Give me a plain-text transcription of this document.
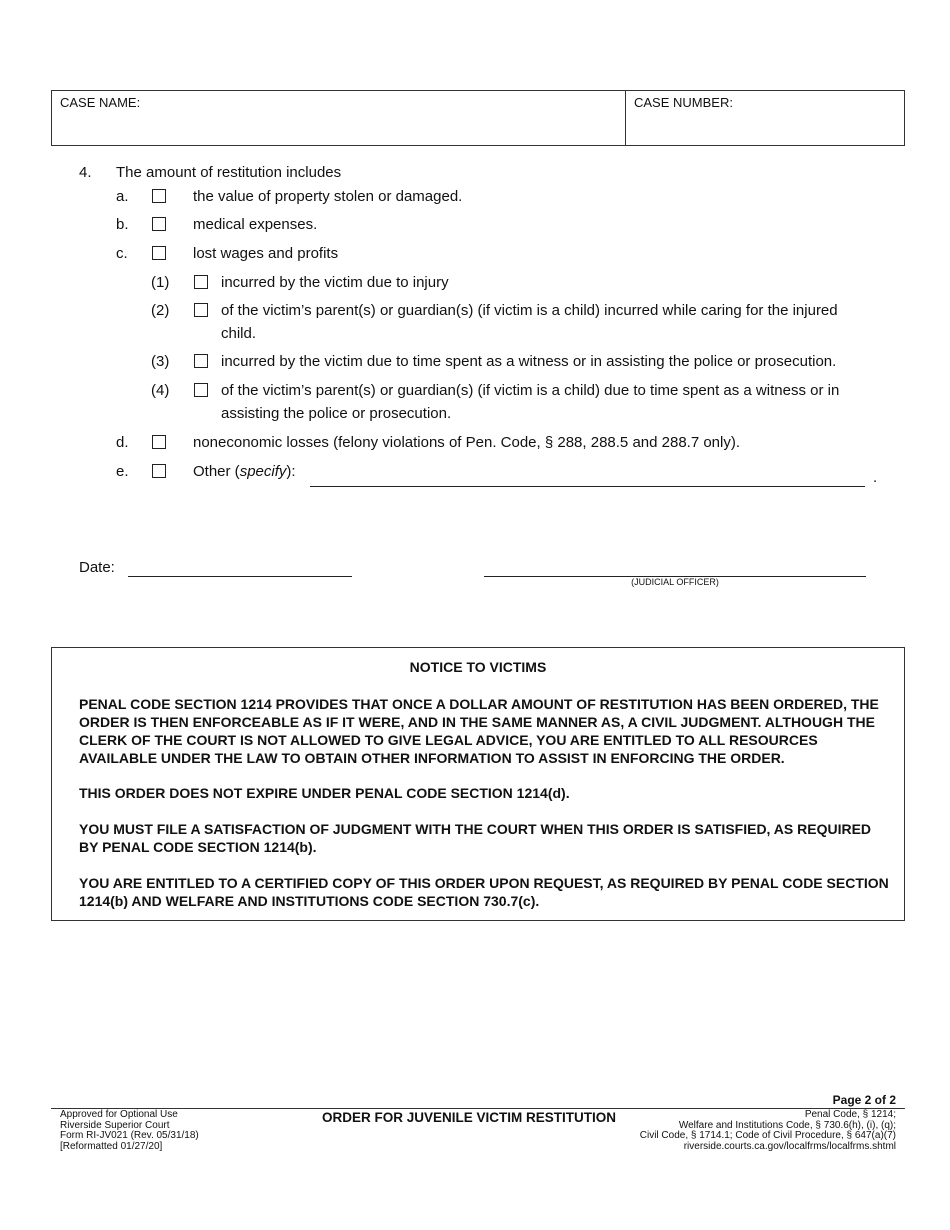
CASE NAME:	CASE NUMBER:
4. The amount of restitution includes
a.	the value of property stolen or damaged.
b.	medical expenses.
c.	lost wages and profits
(1)	incurred by the victim due to injury
(2)	of the victim’s parent(s) or guardian(s) (if victim is a child) incurred while caring for the injured
child.
(3)	incurred by the victim due to time spent as a witness or in assisting the police or prosecution.
(4)	of the victim’s parent(s) or guardian(s) (if victim is a child) due to time spent as a witness or in
assisting the police or prosecution.
d.	noneconomic losses (felony violations of Pen. Code, § 288, 288.5 and 288.7 only).
e.	Other (specify):	.
Date:
(JUDICIAL OFFICER)
NOTICE TO VICTIMS
PENAL CODE SECTION 1214 PROVIDES THAT ONCE A DOLLAR AMOUNT OF RESTITUTION HAS BEEN ORDERED, THE ORDER IS THEN ENFORCEABLE AS IF IT WERE, AND IN THE SAME MANNER AS, A CIVIL JUDGMENT. ALTHOUGH THE CLERK OF THE COURT IS NOT ALLOWED TO GIVE LEGAL ADVICE, YOU ARE ENTITLED TO ALL RESOURCES AVAILABLE UNDER THE LAW TO OBTAIN OTHER INFORMATION TO ASSIST IN ENFORCING THE ORDER.
THIS ORDER DOES NOT EXPIRE UNDER PENAL CODE SECTION 1214(d).
YOU MUST FILE A SATISFACTION OF JUDGMENT WITH THE COURT WHEN THIS ORDER IS SATISFIED, AS REQUIRED BY PENAL CODE SECTION 1214(b).
YOU ARE ENTITLED TO A CERTIFIED COPY OF THIS ORDER UPON REQUEST, AS REQUIRED BY PENAL CODE SECTION 1214(b) AND WELFARE AND INSTITUTIONS CODE SECTION 730.7(c).
Page 2 of 2
Approved for Optional Use
Riverside Superior Court
Form RI-JV021 (Rev. 05/31/18)
[Reformatted 01/27/20]
ORDER FOR JUVENILE VICTIM RESTITUTION	Penal Code, § 1214;
Welfare and Institutions Code, § 730.6(h), (i), (q);
Civil Code, § 1714.1; Code of Civil Procedure, § 647(a)(7)
riverside.courts.ca.gov/localfrms/localfrms.shtml
